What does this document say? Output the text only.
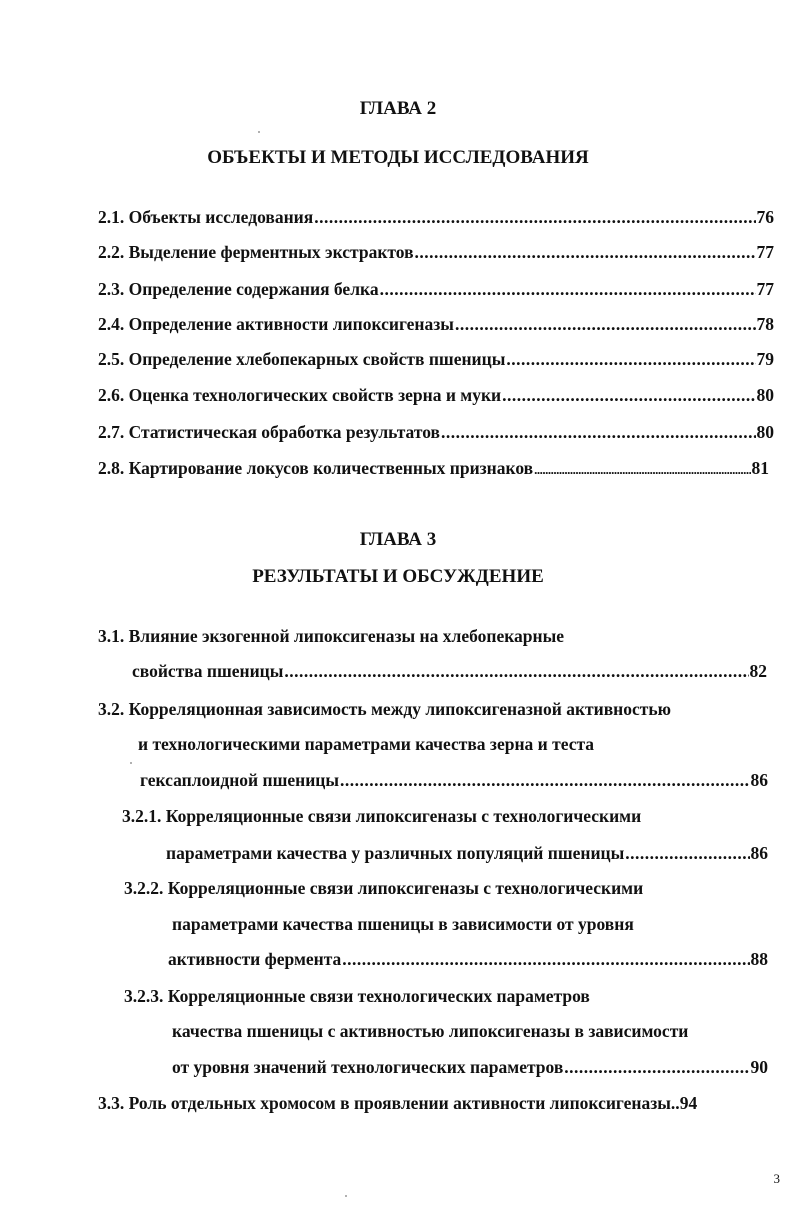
ГЛАВА 2
ОБЪЕКТЫ И МЕТОДЫ ИССЛЕДОВАНИЯ
2.1. Объекты исследования .....	76
2.2. Выделение ферментных экстрактов .....	77
2.3. Определение содержания белка .....	77
2.4. Определение активности липоксигеназы .....	78
2.5. Определение хлебопекарных свойств пшеницы .....	79
2.6. Оценка технологических свойств зерна и муки .....	80
2.7. Статистическая обработка результатов .....	80
2.8. Картирование локусов количественных признаков .....	81
ГЛАВА 3
РЕЗУЛЬТАТЫ И ОБСУЖДЕНИЕ
3.1. Влияние экзогенной липоксигеназы на хлебопекарные
свойства пшеницы .....	82
3.2. Корреляционная зависимость между липоксигеназной активностью
и технологическими параметрами качества зерна и теста
гексаплоидной пшеницы .....	86
3.2.1. Корреляционные связи липоксигеназы с технологическими
параметрами качества у различных популяций пшеницы .....	86
3.2.2. Корреляционные связи липоксигеназы с технологическими
параметрами качества пшеницы в зависимости от уровня
активности фермента .....	88
3.2.3. Корреляционные связи технологических параметров
качества пшеницы с активностью липоксигеназы в зависимости
от уровня значений технологических параметров .....	90
3.3. Роль отдельных хромосом в проявлении активности липоксигеназы.. 94
3
